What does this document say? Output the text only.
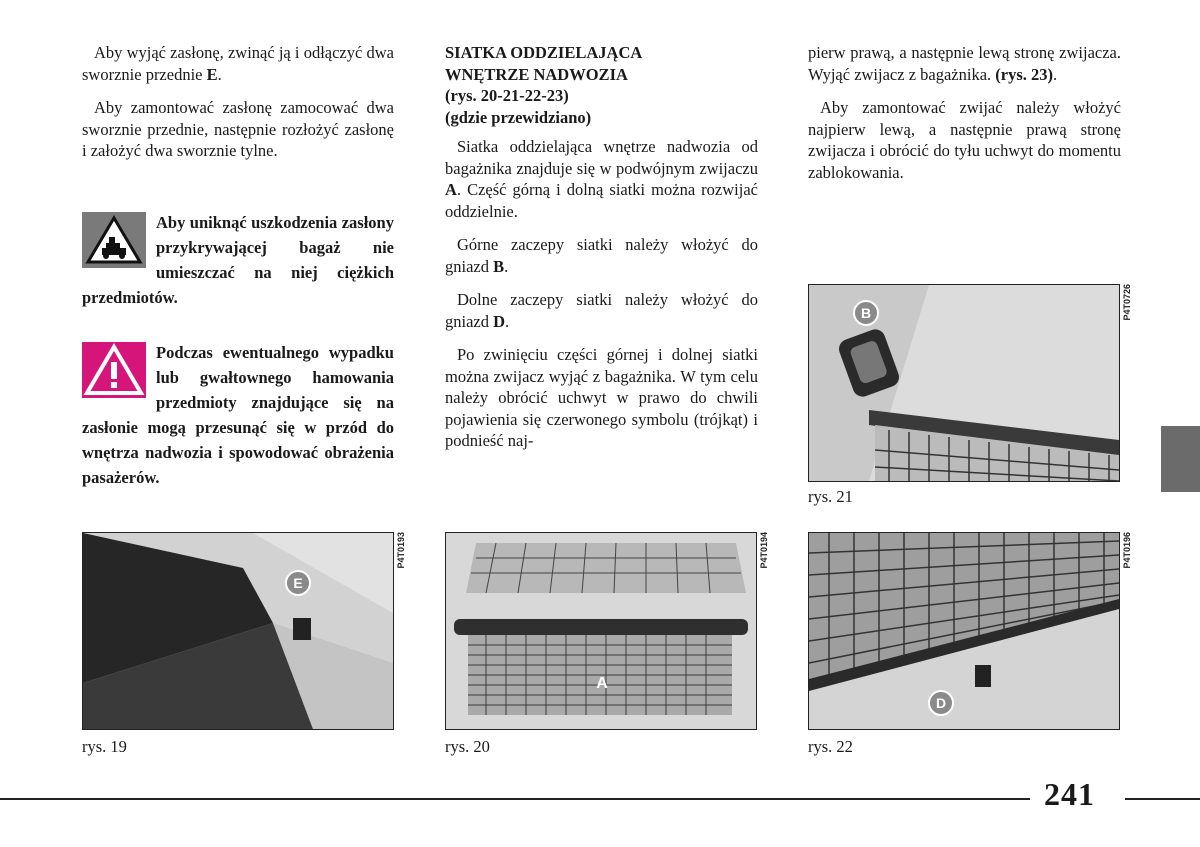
Aby wyjąć zasłonę, zwinąć ją i odłączyć dwa sworznie przednie E.

Aby zamontować zasłonę zamocować dwa sworznie przednie, następnie rozłożyć zasłonę i założyć dwa sworznie tylne.

Aby uniknąć uszkodzenia zasłony przykrywającej bagaż nie umieszczać na niej ciężkich przedmiotów.
Podczas ewentualnego wypadku lub gwałtownego hamowania przedmioty znajdujące się na zasłonie mogą przesunąć się w przód do wnętrza nadwozia i spowodować obrażenia pasażerów.
SIATKA ODDZIELAJĄCA
WNĘTRZE NADWOZIA
(rys. 20-21-22-23)
(gdzie przewidziano)

Siatka oddzielająca wnętrze nadwozia od bagażnika znajduje się w podwójnym zwijaczu A. Część górną i dolną siatki można rozwijać oddzielnie.

Górne zaczepy siatki należy włożyć do gniazd B.

Dolne zaczepy siatki należy włożyć do gniazd D.

Po zwinięciu części górnej i dolnej siatki można zwijacz wyjąć z bagażnika. W tym celu należy obrócić uchwyt w prawo do chwili pojawienia się czerwonego symbolu (trójkąt) i podnieść naj-

pierw prawą, a następnie lewą stronę zwijacza. Wyjąć zwijacz z bagażnika. (rys. 23).

Aby zamontować zwijać należy włożyć najpierw lewą, a następnie prawą stronę zwijacza i obrócić do tyłu uchwyt do momentu zablokowania.

B	P4T0726
rys. 21
E
P4T0193
rys. 19
A
P4T0194
rys. 20
D
P4T0196
rys. 22
241
